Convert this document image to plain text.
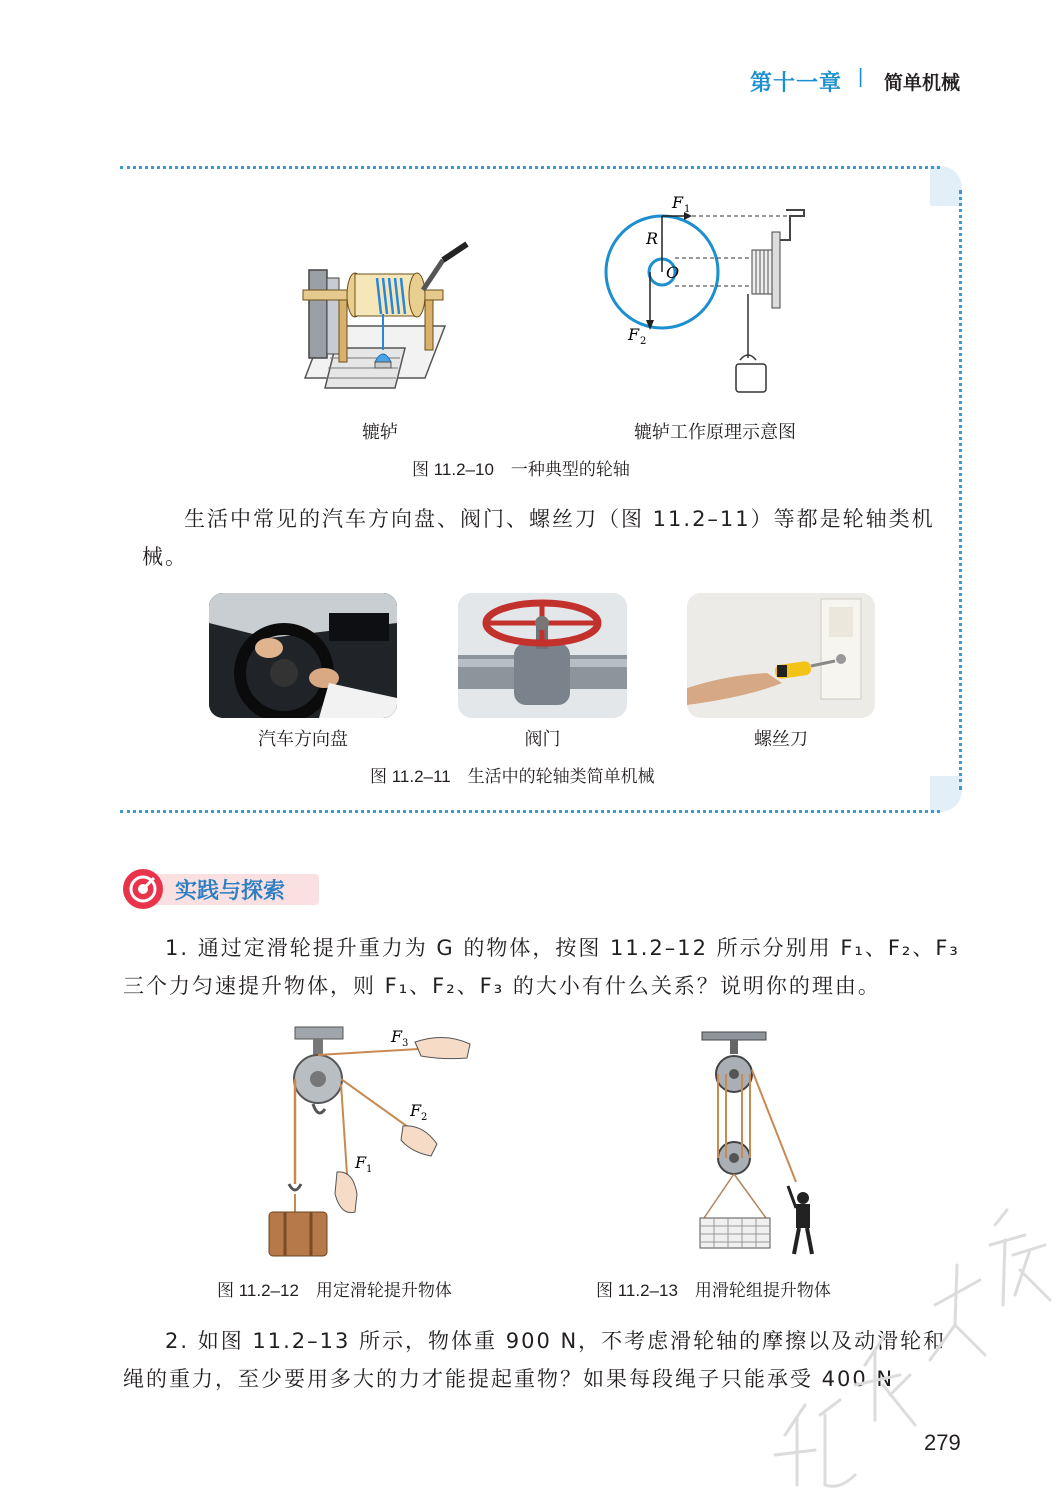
第十一章 | 简单机械
F 1
R
O
F 2
辘轳	辘轳工作原理示意图
图 11.2–10　一种典型的轮轴
生活中常见的汽车方向盘、阀门、螺丝刀（图 11.2–11）等都是轮轴类机械。
汽车方向盘	阀门	螺丝刀
图 11.2–11　生活中的轮轴类简单机械
实践与探索
1. 通过定滑轮提升重力为 G 的物体，按图 11.2–12 所示分别用 F₁、F₂、F₃ 三个力匀速提升物体，则 F₁、F₂、F₃ 的大小有什么关系？说明你的理由。
F 3
F 2
F 1
图 11.2–12　用定滑轮提升物体	图 11.2–13　用滑轮组提升物体
2. 如图 11.2–13 所示，物体重 900 N，不考虑滑轮轴的摩擦以及动滑轮和绳的重力，至少要用多大的力才能提起重物？如果每段绳子只能承受 400 N
279
